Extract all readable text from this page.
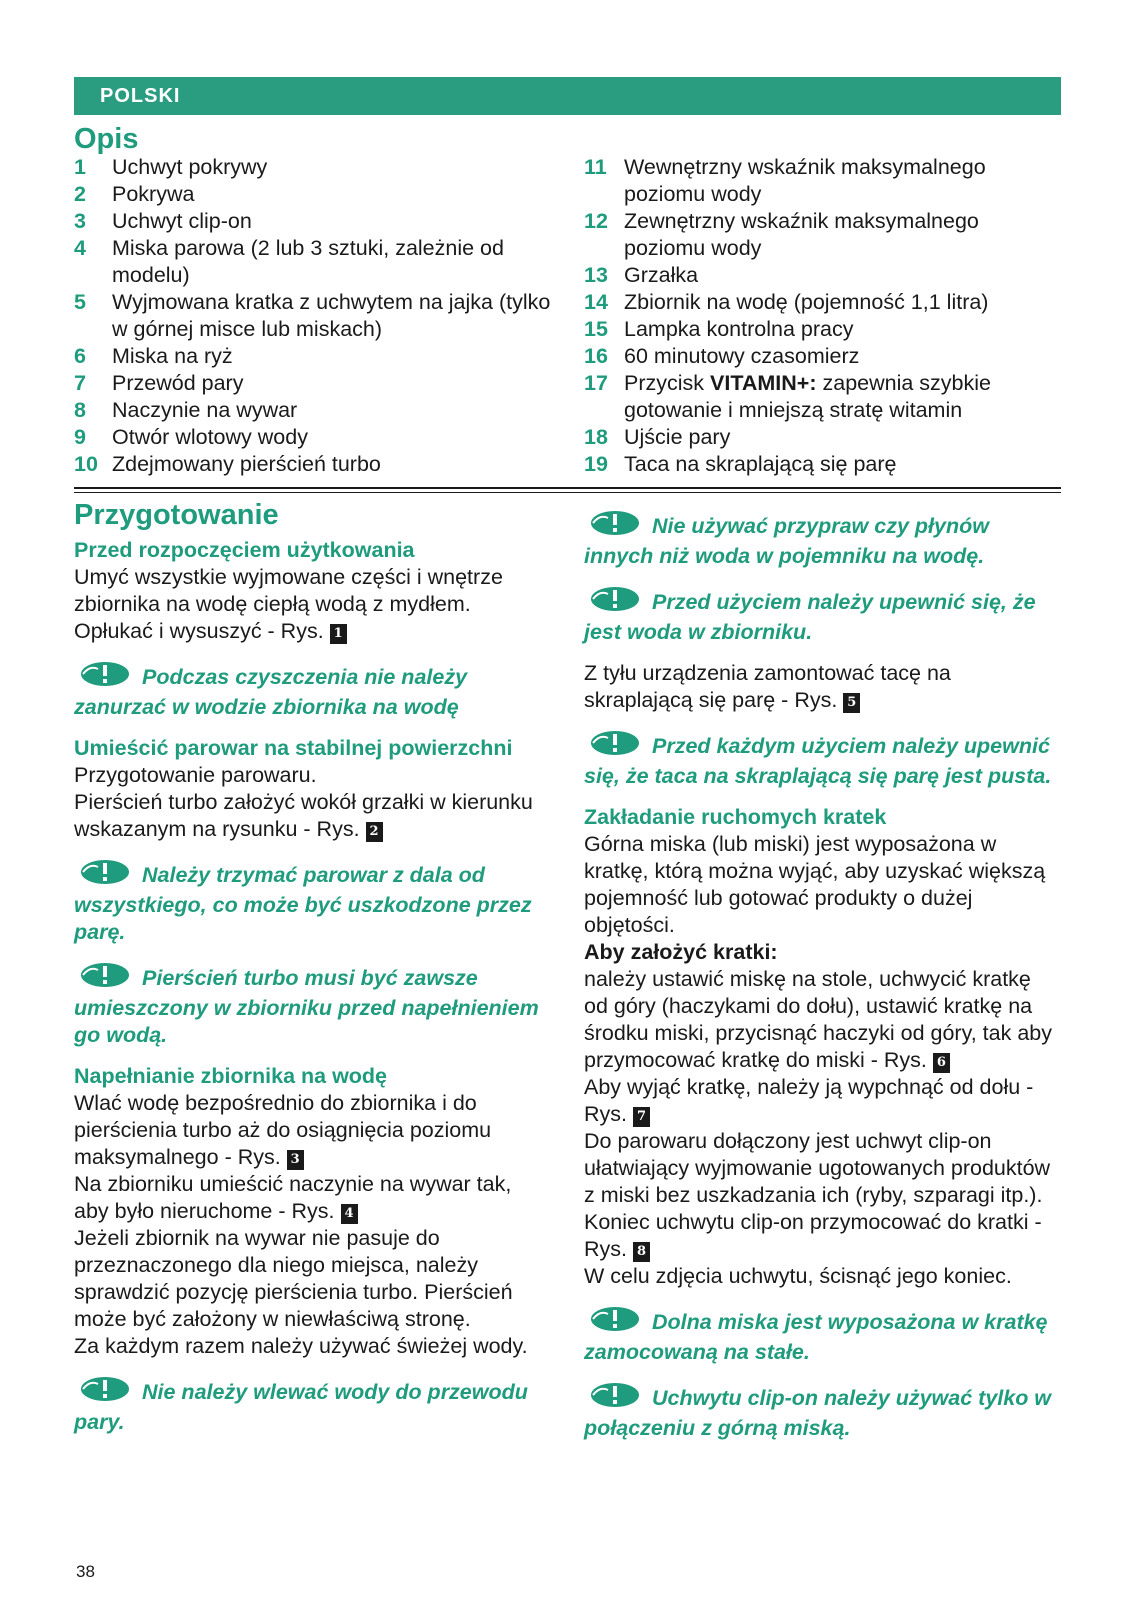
POLSKI
Opis
1 Uchwyt pokrywy
2 Pokrywa
3 Uchwyt clip-on
4 Miska parowa (2 lub 3 sztuki, zależnie od modelu)
5 Wyjmowana kratka z uchwytem na jajka (tylko w górnej misce lub miskach)
6 Miska na ryż
7 Przewód pary
8 Naczynie na wywar
9 Otwór wlotowy wody
10 Zdejmowany pierścień turbo
11 Wewnętrzny wskaźnik maksymalnego poziomu wody
12 Zewnętrzny wskaźnik maksymalnego poziomu wody
13 Grzałka
14 Zbiornik na wodę (pojemność 1,1 litra)
15 Lampka kontrolna pracy
16 60 minutowy czasomierz
17 Przycisk VITAMIN+: zapewnia szybkie gotowanie i mniejszą stratę witamin
18 Ujście pary
19 Taca na skraplającą się parę
Przygotowanie
Przed rozpoczęciem użytkowania

Umyć wszystkie wyjmowane części i wnętrze zbiornika na wodę ciepłą wodą z mydłem.

Opłukać i wysuszyć - Rys. 1

Podczas czyszczenia nie należy zanurzać w wodzie zbiornika na wodę
Umieścić parowar na stabilnej powierzchni

Przygotowanie parowaru.

Pierścień turbo założyć wokół grzałki w kierunku wskazanym na rysunku - Rys. 2

Należy trzymać parowar z dala od wszystkiego, co może być uszkodzone przez parę.
Pierścień turbo musi być zawsze umieszczony w zbiorniku przed napełnieniem go wodą.
Napełnianie zbiornika na wodę

Wlać wodę bezpośrednio do zbiornika i do pierścienia turbo aż do osiągnięcia poziomu maksymalnego - Rys. 3

Na zbiorniku umieścić naczynie na wywar tak, aby było nieruchome - Rys. 4

Jeżeli zbiornik na wywar nie pasuje do przeznaczonego dla niego miejsca, należy sprawdzić pozycję pierścienia turbo. Pierścień może być założony w niewłaściwą stronę.

Za każdym razem należy używać świeżej wody.

Nie należy wlewać wody do przewodu pary.
Nie używać przypraw czy płynów innych niż woda w pojemniku na wodę.
Przed użyciem należy upewnić się, że jest woda w zbiorniku.

Z tyłu urządzenia zamontować tacę na skraplającą się parę - Rys. 5

Przed każdym użyciem należy upewnić się, że taca na skraplającą się parę jest pusta.
Zakładanie ruchomych kratek

Górna miska (lub miski) jest wyposażona w kratkę, którą można wyjąć, aby uzyskać większą pojemność lub gotować produkty o dużej objętości.

Aby założyć kratki:

należy ustawić miskę na stole, uchwycić kratkę od góry (haczykami do dołu), ustawić kratkę na środku miski, przycisnąć haczyki od góry, tak aby przymocować kratkę do miski - Rys. 6

Aby wyjąć kratkę, należy ją wypchnąć od dołu - Rys. 7

Do parowaru dołączony jest uchwyt clip-on ułatwiający wyjmowanie ugotowanych produktów z miski bez uszkadzania ich (ryby, szparagi itp.).

Koniec uchwytu clip-on przymocować do kratki - Rys. 8

W celu zdjęcia uchwytu, ścisnąć jego koniec.

Dolna miska jest wyposażona w kratkę zamocowaną na stałe.
Uchwytu clip-on należy używać tylko w połączeniu z górną miską.
38
